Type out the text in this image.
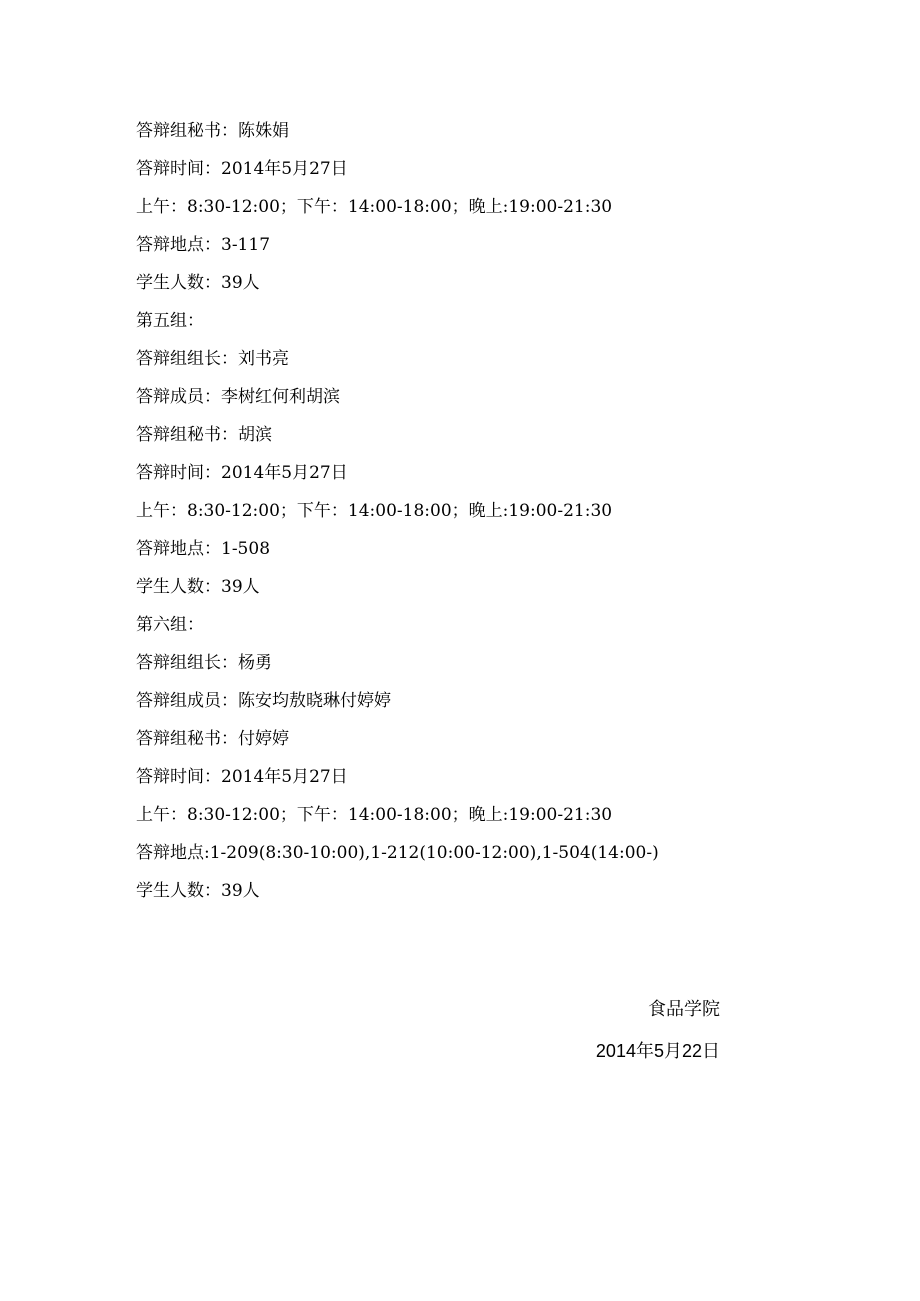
答辩组秘书：陈姝娟
答辩时间：2014年5月27日
上午：8:30-12:00；下午：14:00-18:00；晚上:19:00-21:30
答辩地点：3-117
学生人数：39人
第五组：
答辩组组长：刘书亮
答辩成员：李树红何利胡滨
答辩组秘书：胡滨
答辩时间：2014年5月27日
上午：8:30-12:00；下午：14:00-18:00；晚上:19:00-21:30
答辩地点：1-508
学生人数：39人
第六组：
答辩组组长：杨勇
答辩组成员：陈安均敖晓琳付婷婷
答辩组秘书：付婷婷
答辩时间：2014年5月27日
上午：8:30-12:00；下午：14:00-18:00；晚上:19:00-21:30
答辩地点:1-209(8:30-10:00),1-212(10:00-12:00),1-504(14:00-)
学生人数：39人
食品学院
2014年5月22日
